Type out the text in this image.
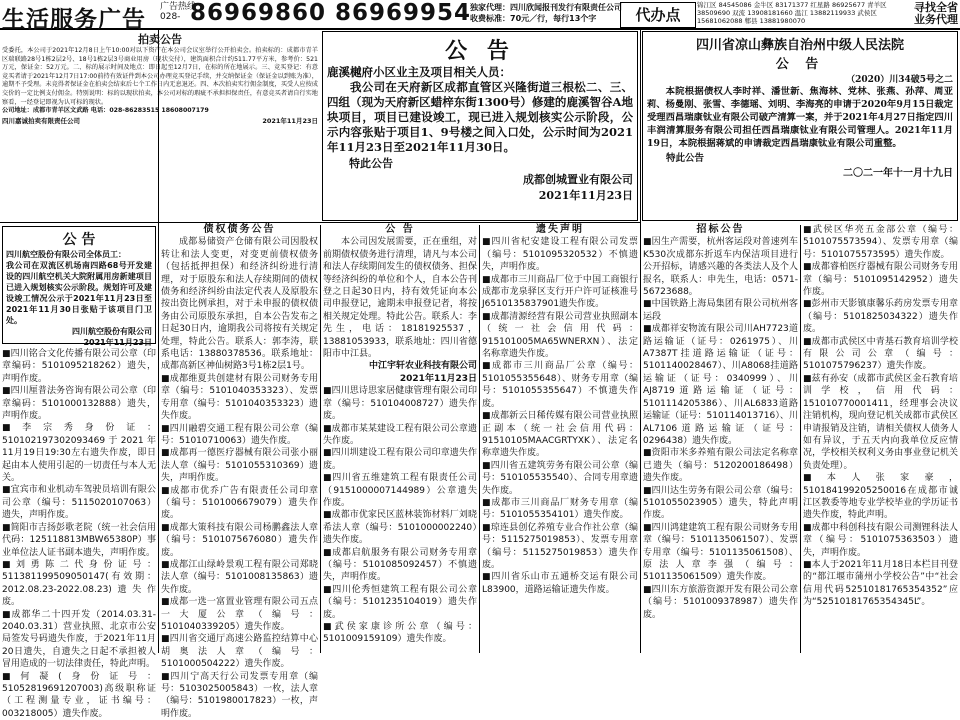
生活服务广告 广告热线
028- 86969860 86969954
独家代理：四川欣闻报刊发行有限责任公司
收费标准：70元／行，每行13个字	代办点
锦江区 84545086 金牛区 83171377 红星路 86925677 青羊区 38509690 双流 13908181660 温江 13882119933 武侯区 15681062088 郫县 13881980070
寻找全省
业务代理
拍卖公告
受委托，本公司于2021年12月8日上午10:00对以下资产在本公司会议室举行公开拍卖会。拍卖标的：成都市青羊区瑞联路28号1栋2层2号、18号1栋2层3号商业用房（现状交付），建筑面积合计约511.77平方米，参考价：521万元，保证金：52万元。二、标的展示时间及地点：即日起至12月7日，在标的所在地展示。三、竞买登记：有意竞买者请于2021年12月7日17:00前持有效证件到本公司办理竞买登记手续，并交纳保证金（保证金以到账为准），逾期不予受理。未竞得者保证金在拍卖会结束后七个工作日内无息退还。四、本次拍卖实行佣金制度，买受人应按成交价的一定比例支付佣金。特别说明：标的以现状拍卖，本公司对标的瑕疵不承担担保责任，有意竞买者请自行实地察看，一经登记即视为认可标的现状。
公司地址：成都市青羊区文武路 电话：028-86283515 18608007179
四川嘉诚拍卖有限责任公司	2021年11月23日
公 告
四川航空股份有限公司全体员工：
我公司在双流区机场南四路68号开发建设的四川航空机关大院附属用房新建项目已进入规划核实公示阶段。规划许可及建设竣工情况公示于2021年11月23日至2021年11月30日张贴于该项目门卫处。
四川航空股份有限公司
2021年11月23日
■四川铭合文化传播有限公司公章（印章编码：5101095218262）遗失，声明作废。
■四川厘普法务咨询有限公司公章（印章编码：5101000132888）遗失，声明作废。
■李宗秀身份证：510102197302093469于2021年11月19日19:30左右遗失作废，即日起由本人使用引起的一切责任与本人无关。
■宜宾市和业机动车驾驶员培训有限公司公章（编号：5115020107063）遗失，声明作废。
■简阳市吉扬彭歌老院（统一社会信用代码：125118813MBW65380P）事业单位法人证书副本遗失，声明作废。
■刘勇陈二代身份证号：511381199509050147(有效期：2012.08.23-2022.08.23)遗失作废。
■成都华二十四开发（2014.03.31-2040.03.31）营业执照、北京市公安局签发号码遗失作废，于2021年11月20日遗失，自遗失之日起不承担被人冒用造成的一切法律责任，特此声明。
■何凝(身份证号：51052819691207003)高级职称证（工程测量专业，证书编号：003218005）遗失作废。
公 告
鹿溪樾府小区业主及项目相关人员：
我公司在天府新区成都直管区兴隆街道三根松二、三、四组（现为天府新区蜡梓东街1300号）修建的鹿溪智谷A地块项目，项目已建设竣工，现已进入规划核实公示阶段，公示内容张贴于项目1、9号楼之间入口处，公示时间为2021年11月23日至2021年11月30日。
特此公告
成都创城置业有限公司
2021年11月23日
四川省凉山彝族自治州中级人民法院
公 告
（2020）川34破5号之二
本院根据债权人李时祥、潘世新、焦海林、党林、张燕、孙萍、周亚莉、杨曼刚、张雪、李德瑶、刘明、李海亮的申请于2020年9月15日裁定受理西昌瑞康钛业有限公司破产清算一案，并于2021年4月27日指定四川丰润清算服务有限公司担任西昌瑞康钛业有限公司管理人。2021年11月19日，本院根据蒋斌的申请裁定西昌瑞康钛业有限公司重整。
特此公告
二〇二一年十一月十九日
债权债务公告
成都易储资产仓储有限公司因股权转让和法人变更，对变更前债权债务（包括抵押担保）和经济纠纷进行清理，对于原股东和法人存续期间的债权债务和经济纠纷由法定代表人及原股东按出资比例承担，对于未申报的债权债务由公司原股东承担，自本公告发布之日起30日内，逾期我公司将按有关规定处理，特此公告。联系人：郭李涛，联系电话：13880378536。联系地址：成都高新区神仙树路3号1栋2层1号。
■成都维夏共创建材有限公司财务专用章（编号：5101040353323）、发票专用章（编号：5101040353323）遗失作废。
■四川融碧交通工程有限公司公章（编号：51010710063）遗失作废。
■成都再一德医疗器械有限公司张小丽法人章（编号：5101055310369）遗失，声明作废。
■成都市优乔广告有限责任公司印章（编号：5101006679079）遗失作废。
■成都大策科技有限公司杨鹏鑫法人章（编号：5101075676080）遗失作废。
■成都江山绿岭景观工程有限公司郑晓法人章（编号：5101008135863）遗失作废。
■成都一选一富置业管理有限公司五点一大厦公章（编号：5101040339205）遗失作废。
■四川省交通厅高速公路监控结算中心胡奥法人章（编号：5101000504222）遗失作废。
■四川宁高天行公司发票专用章（编号：5103025005843）一枚，法人章（编号：5101980017823）一枚，声明作废。
公 告
本公司因发展需要，正在重组，对前期债权债务进行清理，请凡与本公司和法人存续期间发生的债权债务、担保等经济纠纷的单位和个人，自本公告刊登之日起30日内，持有效凭证向本公司申报登记，逾期未申报登记者，将按相关规定处理。特此公告。联系人：李先生，电话：18181925537，13881053933，联系地址：四川省德阳市中江县。
中江宇轩农业科技有限公司
2021年11月23日
■四川思诗思家居健康管理有限公司印章（编号：510104008727）遗失作废。
■成都市某某建设工程有限公司公章遗失作废。
■四川圳建设工程有限公司印章遗失作废。
■四川省五维建筑工程有限责任公司（9151000007144989）公章遗失作废。
■成都市优家民区蓝林装饰材料厂刘晓希法人章（编号：5101000002240）遗失作废。
■成都启航服务有限公司财务专用章（编号：5101085092457）不慎遗失，声明作废。
■四川伦秀恒建筑工程有限公司公章（编号：5101235104019）遗失作废。
■武侯家康诊所公章（编号：5101009159109）遗失作废。
遗失声明
■四川省杞安建设工程有限公司发票（编号：5101095320532）不慎遗失，声明作废。
■成都市三川商品厂位于中国工商银行成都市龙泉驿区支行开户许可证核准号J6510135837901遗失作废。
■成都清源经营有限公司营业执照副本（统一社会信用代码：915101005MA65WNERXN）、法定名称章遗失作废。
■成都市三川商品厂公章（编号：5101055355648）、财务专用章（编号：5101055355647）不慎遗失作废。
■成都新云日稀传媒有限公司营业执照正副本（统一社会信用代码：91510105MAACGRTYXK）、法定名称章遗失作废。
■四川省五建筑劳务有限公司公章（编号：510105535540）、合同专用章遗失作废。
■成都市三川商品厂财务专用章（编号：5101055354101）遗失作废。
■琼连县创亿养殖专业合作社公章（编号：5115275019853）、发票专用章（编号：5115275019853）遗失作废。
■四川省乐山市五通桥交运有限公司L83900，道路运输证遗失作废。
招标公告
■因生产需要，杭州客运段对普速列车K530次成都东折返车内保洁项目进行公开招标，请感兴趣的各类法人及个人报名，联系人：申先生，电话：0571-56723688。
■中国铁路上海局集团有限公司杭州客运段
■成都祥安物流有限公司川AH7723道路运输证（证号：0261975）、川A7387T挂道路运输证（证号：5101140028467）、川A8068挂道路运输证（证号：0340999）、川AJ8719道路运输证（证号：5101114205386）、川AL6833道路运输证（证号：510114013716）、川AL7106道路运输证（证号：0296438）遗失作废。
■资阳市米多养殖有限公司法定名称章已遗失（编号：5120200186498）遗失作废。
■四川达生劳务有限公司公章（编号：5101055023905）遗失，特此声明作废。
■四川鸿建建筑工程有限公司财务专用章（编号：5101135061507）、发票专用章（编号：5101135061508）、原法人章李强（编号：5101135061509）遗失作废。
■四川东方旅游资源开发有限公司公章（编号：5101009378987）遗失作废。
■武侯区华亮五金部公章（编号：5101075573594）、发票专用章（编号：5101075573595）遗失作废。
■成都睿柏医疗器械有限公司财务专用章（编号：5101095142952）遗失作废。
■彭州市天影镇康馨乐药房发票专用章（编号：5101825034322）遗失作废。
■成都市武侯区中青基石教育培训学校有限公司公章（编号：5101075796237）遗失作废。
■兹有孙安（成都市武侯区金石教育培训学校，信用代码：151010770001411，经理事会决议注销机构，现向登记机关成都市武侯区申请报销及注销，请相关债权人债务人如有异议，于五天内向我单位反应情况，学校相关权利义务由事业登记机关负责处理）。
■本人张家豪，510184199205250016在成都市诚江区教委等地专业学校毕业的学历证书遗失作废，特此声明。
■成都中科创科技有限公司测锂科法人章（编号：5101075363503）遗失，声明作废。
■本人于2021年11月18日本栏目刊登的“都江堰市蒲州小学校公告”中“社会信用代码52510181765354352”应为“52510181765354345L”。
